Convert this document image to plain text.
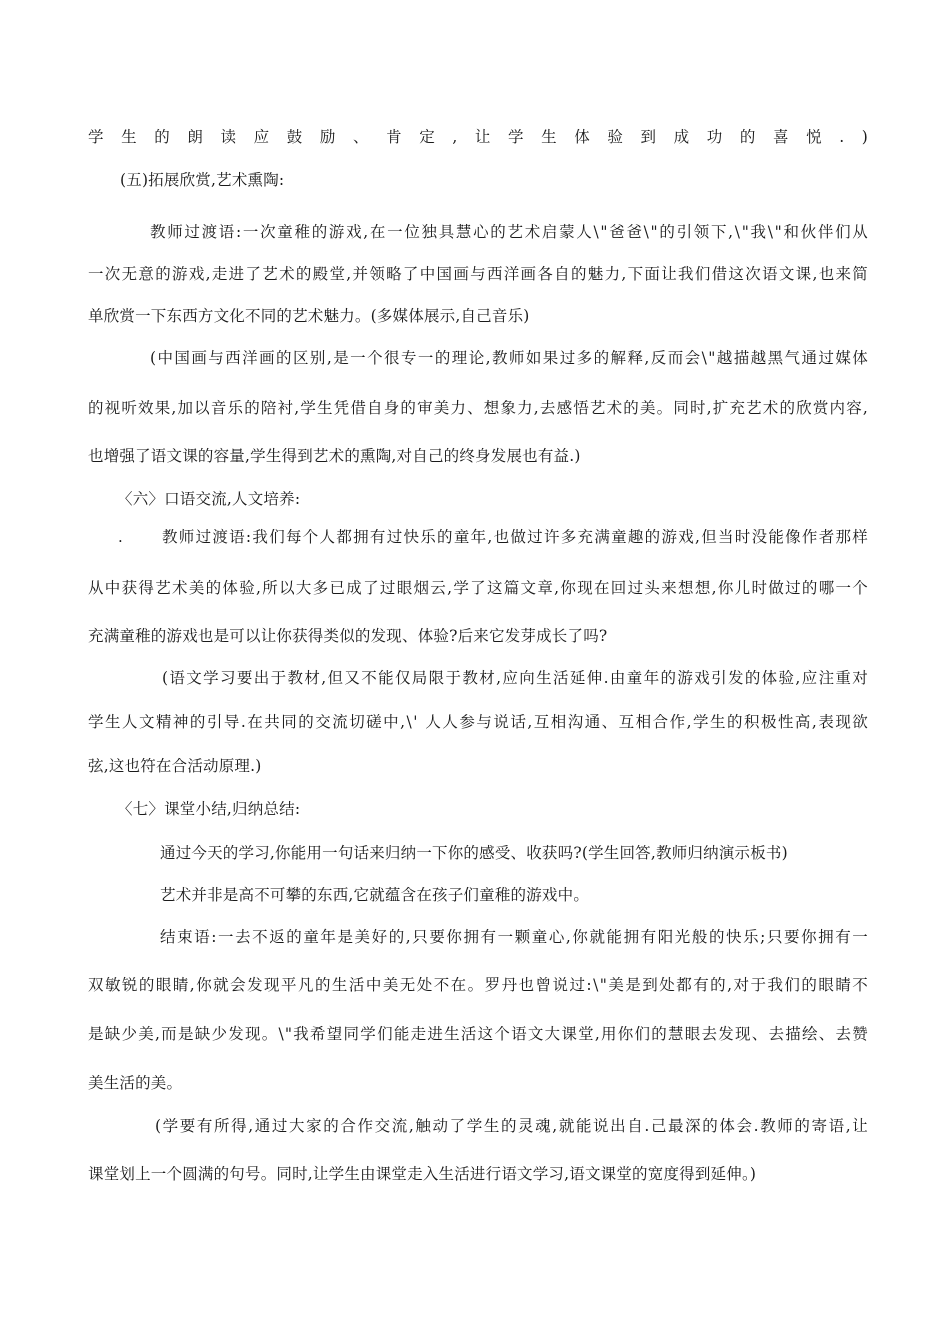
学生的朗读应鼓励、肯定,让学生体验到成功的喜悦.)
(五)拓展欣赏,艺术熏陶:
教师过渡语:一次童稚的游戏,在一位独具慧心的艺术启蒙人\"爸爸\"的引领下,\"我\"和伙伴们从
一次无意的游戏,走进了艺术的殿堂,并领略了中国画与西洋画各自的魅力,下面让我们借这次语文课,也来简
单欣赏一下东西方文化不同的艺术魅力。(多媒体展示,自己音乐)
(中国画与西洋画的区别,是一个很专一的理论,教师如果过多的解释,反而会\"越描越黑气通过媒体
的视听效果,加以音乐的陪衬,学生凭借自身的审美力、想象力,去感悟艺术的美。同时,扩充艺术的欣赏内容,
也增强了语文课的容量,学生得到艺术的熏陶,对自己的终身发展也有益.)
〈六〉口语交流,人文培养:
.	教师过渡语:我们每个人都拥有过快乐的童年,也做过许多充满童趣的游戏,但当时没能像作者那样
从中获得艺术美的体验,所以大多已成了过眼烟云,学了这篇文章,你现在回过头来想想,你儿时做过的哪一个
充满童稚的游戏也是可以让你获得类似的发现、体验?后来它发芽成长了吗?
(语文学习要出于教材,但又不能仅局限于教材,应向生活延伸.由童年的游戏引发的体验,应注重对
学生人文精神的引导.在共同的交流切磋中,\' 人人参与说话,互相沟通、互相合作,学生的积极性高,表现欲
弦,这也符在合活动原理.)
〈七〉课堂小结,归纳总结:
通过今天的学习,你能用一句话来归纳一下你的感受、收获吗?(学生回答,教师归纳演示板书)
艺术并非是高不可攀的东西,它就蕴含在孩子们童稚的游戏中。
结束语:一去不返的童年是美好的,只要你拥有一颗童心,你就能拥有阳光般的快乐;只要你拥有一
双敏锐的眼睛,你就会发现平凡的生活中美无处不在。罗丹也曾说过:\"美是到处都有的,对于我们的眼睛不
是缺少美,而是缺少发现。\"我希望同学们能走进生活这个语文大课堂,用你们的慧眼去发现、去描绘、去赞
美生活的美。
(学要有所得,通过大家的合作交流,触动了学生的灵魂,就能说出自.己最深的体会.教师的寄语,让
课堂划上一个圆满的句号。同时,让学生由课堂走入生活进行语文学习,语文课堂的宽度得到延伸。)
